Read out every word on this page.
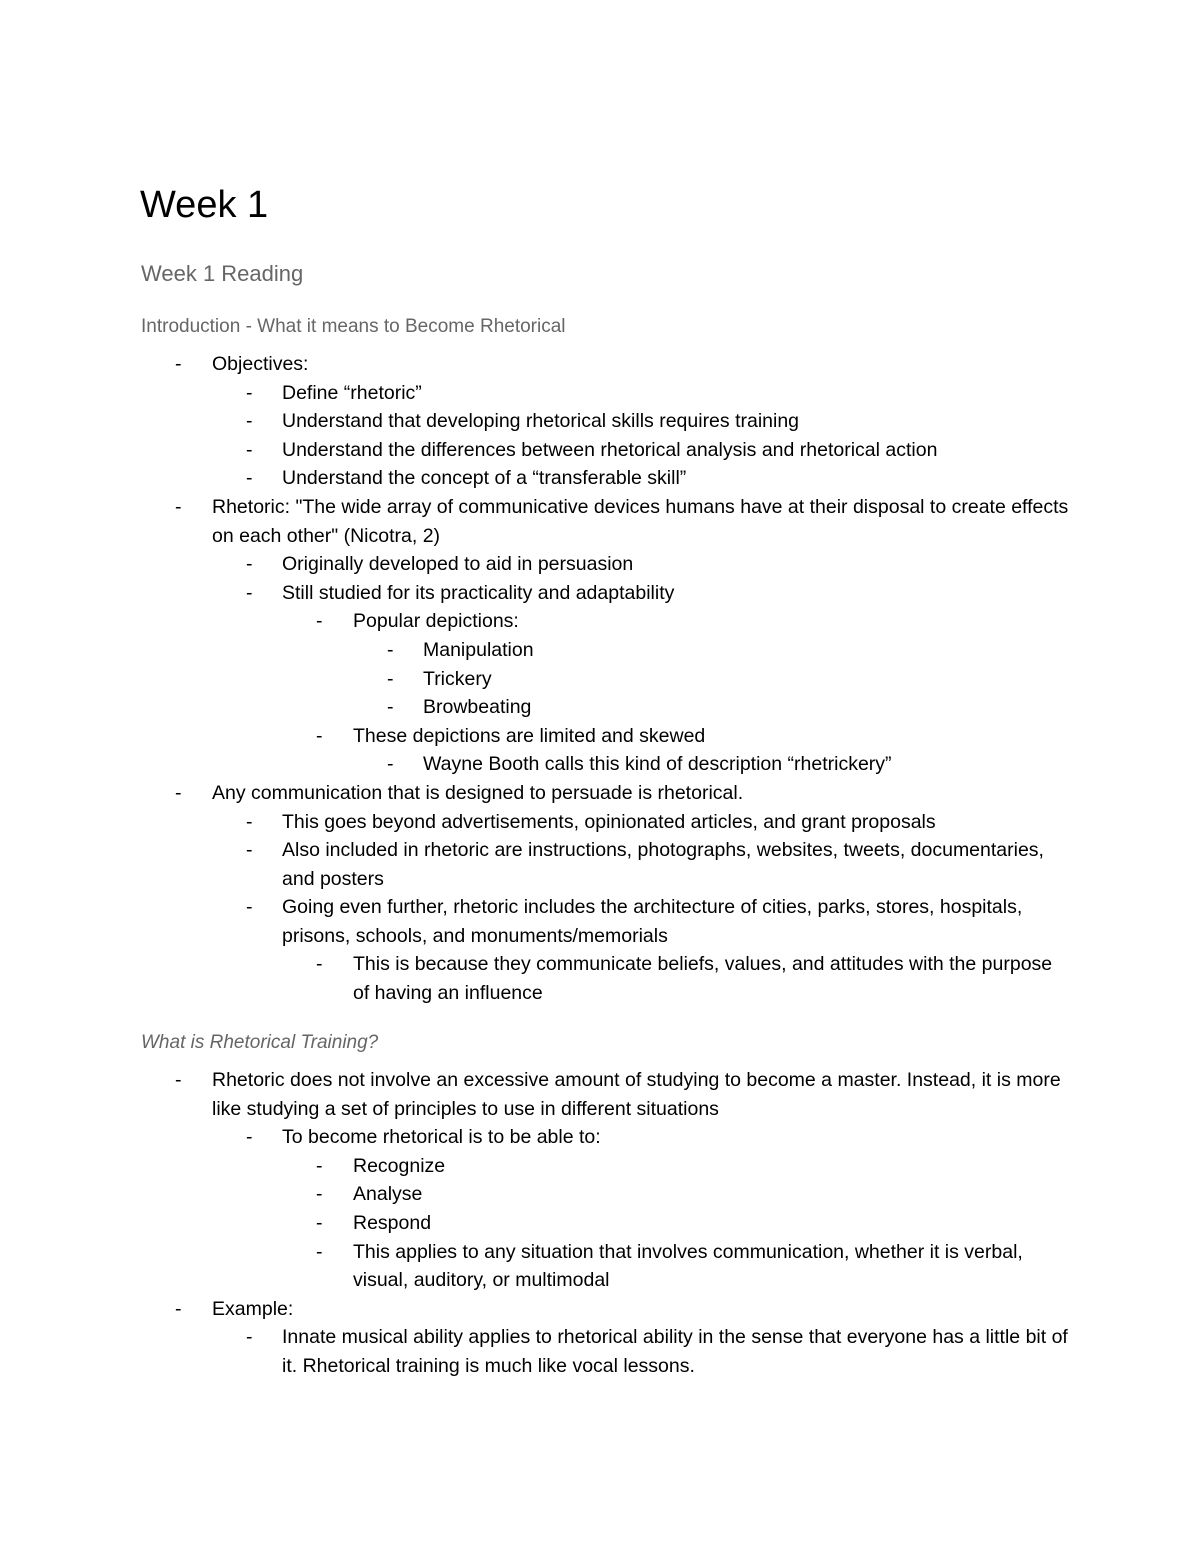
Week 1
Week 1 Reading
Introduction - What it means to Become Rhetorical
-	Objectives:
-	Define “rhetoric”
-	Understand that developing rhetorical skills requires training
-	Understand the differences between rhetorical analysis and rhetorical action
-	Understand the concept of a “transferable skill”
-	Rhetoric: "The wide array of communicative devices humans have at their disposal to create effects on each other" (Nicotra, 2)
-	Originally developed to aid in persuasion
-	Still studied for its practicality and adaptability
-	Popular depictions:
-	Manipulation
-	Trickery
-	Browbeating
-	These depictions are limited and skewed
-	Wayne Booth calls this kind of description “rhetrickery”
-	Any communication that is designed to persuade is rhetorical.
-	This goes beyond advertisements, opinionated articles, and grant proposals
-	Also included in rhetoric are instructions, photographs, websites, tweets, documentaries, and posters
-	Going even further, rhetoric includes the architecture of cities, parks, stores, hospitals, prisons, schools, and monuments/memorials
-	This is because they communicate beliefs, values, and attitudes with the purpose of having an influence
What is Rhetorical Training?
-	Rhetoric does not involve an excessive amount of studying to become a master. Instead, it is more like studying a set of principles to use in different situations
-	To become rhetorical is to be able to:
-	Recognize
-	Analyse
-	Respond
-	This applies to any situation that involves communication, whether it is verbal, visual, auditory, or multimodal
-	Example:
-	Innate musical ability applies to rhetorical ability in the sense that everyone has a little bit of it. Rhetorical training is much like vocal lessons.
